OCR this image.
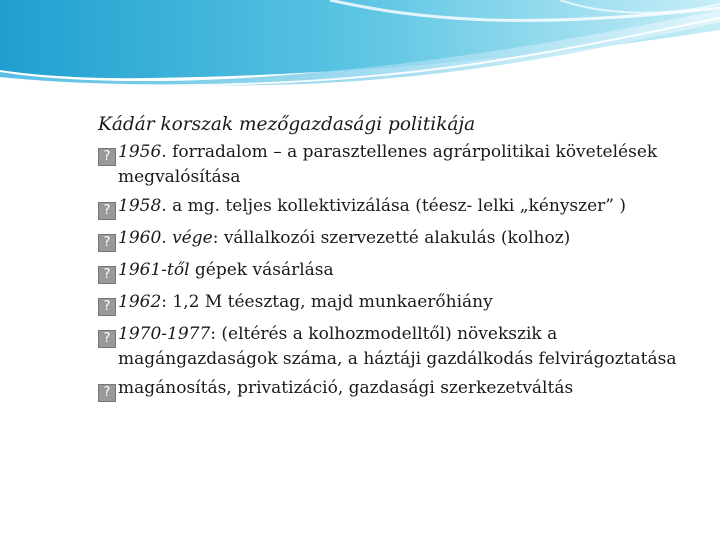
Kádár korszak mezőgazdasági politikája
? 1956. forradalom – a parasztellenes agrárpolitikai követelések megvalósítása
? 1958. a mg. teljes kollektivizálása (téesz- lelki „kényszer” )
? 1960. vége: vállalkozói szervezetté alakulás (kolhoz)
? 1961-től gépek vásárlása
? 1962: 1,2 M téesztag, majd munkaerőhiány
? 1970-1977: (eltérés a kolhozmodelltől) növekszik a magángazdaságok száma, a háztáji gazdálkodás felvirágoztatása
? magánosítás, privatizáció, gazdasági szerkezetváltás
